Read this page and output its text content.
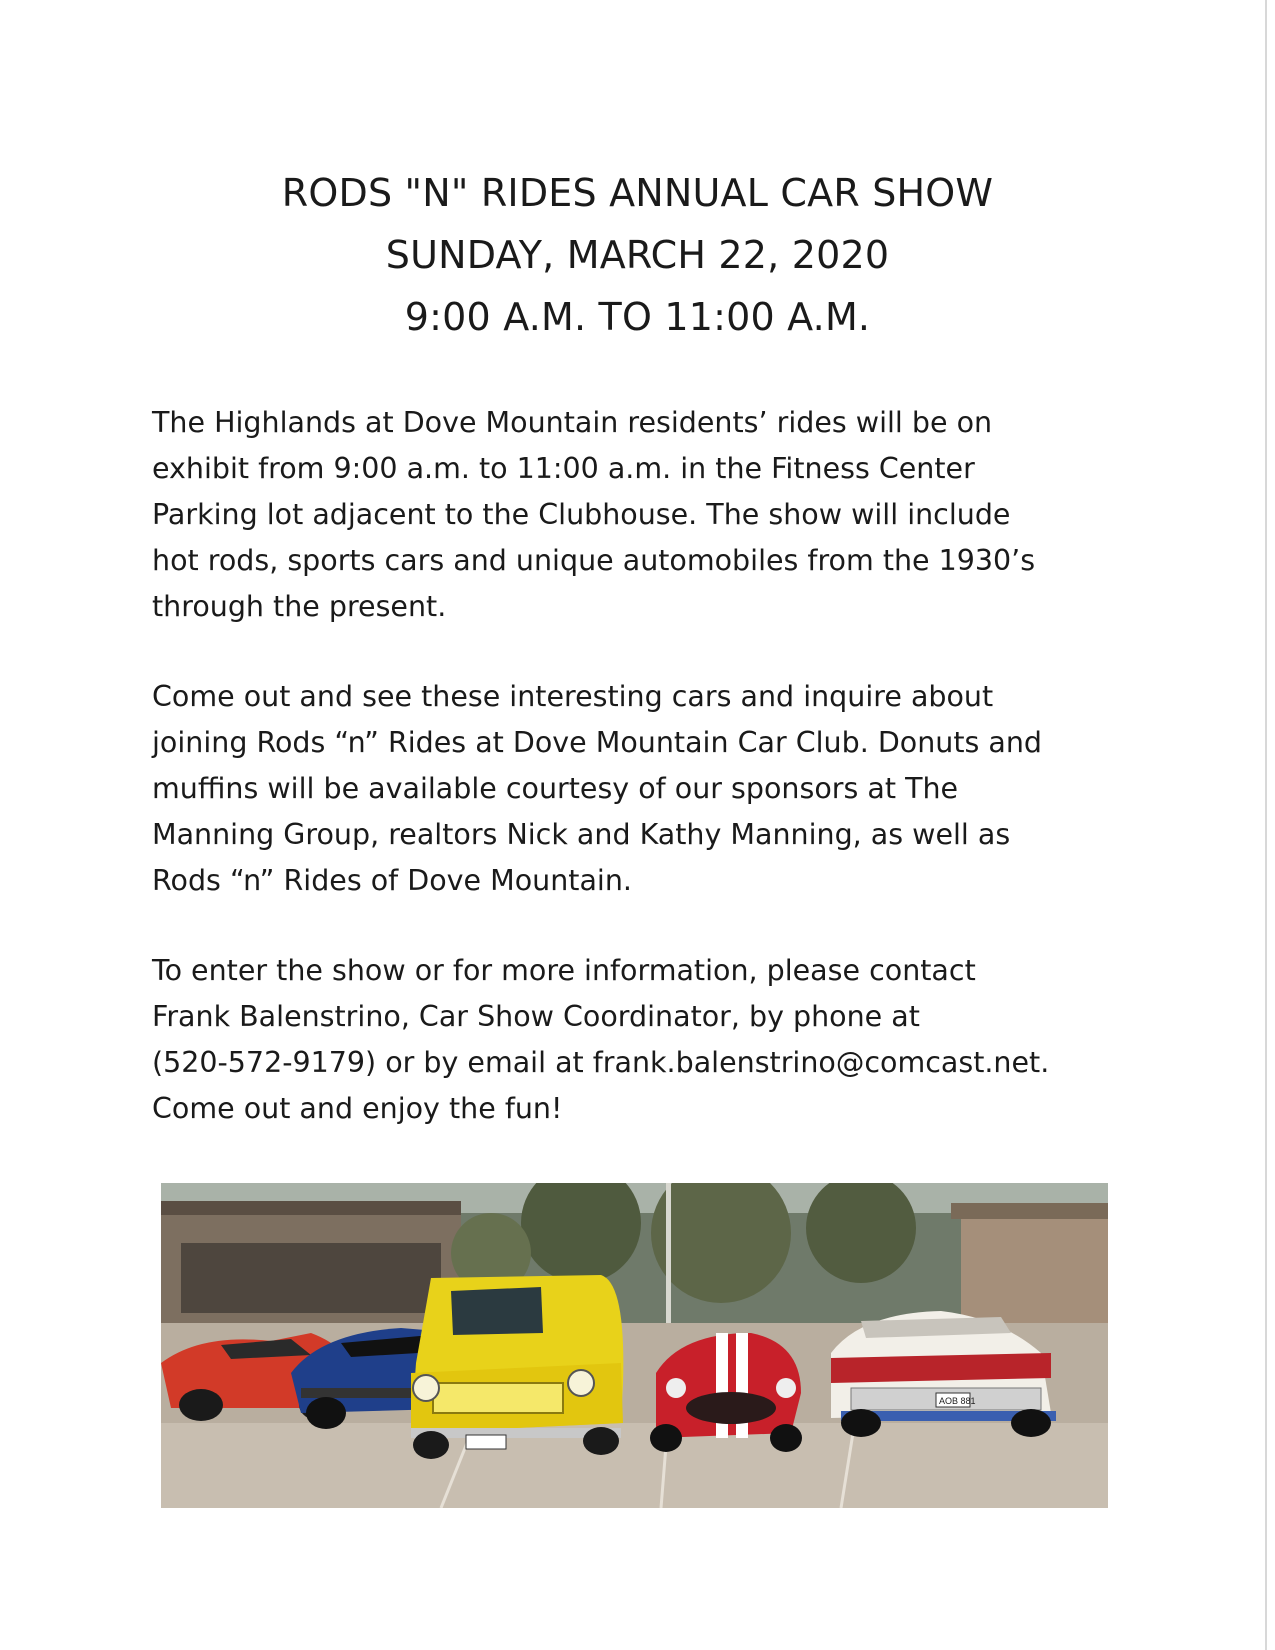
RODS "N" RIDES ANNUAL CAR SHOW

SUNDAY, MARCH 22, 2020

9:00 A.M. TO 11:00 A.M.

The Highlands at Dove Mountain residents’ rides will be on
exhibit from 9:00 a.m. to 11:00 a.m. in the Fitness Center
Parking lot adjacent to the Clubhouse. The show will include
hot rods, sports cars and unique automobiles from the 1930’s
through the present.

Come out and see these interesting cars and inquire about
joining Rods “n” Rides at Dove Mountain Car Club. Donuts and
muffins will be available courtesy of our sponsors at The
Manning Group, realtors Nick and Kathy Manning, as well as
Rods “n” Rides of Dove Mountain.

To enter the show or for more information, please contact
Frank Balenstrino, Car Show Coordinator, by phone at
(520-572-9179) or by email at frank.balenstrino@comcast.net.
Come out and enjoy the fun!

AOB 881
